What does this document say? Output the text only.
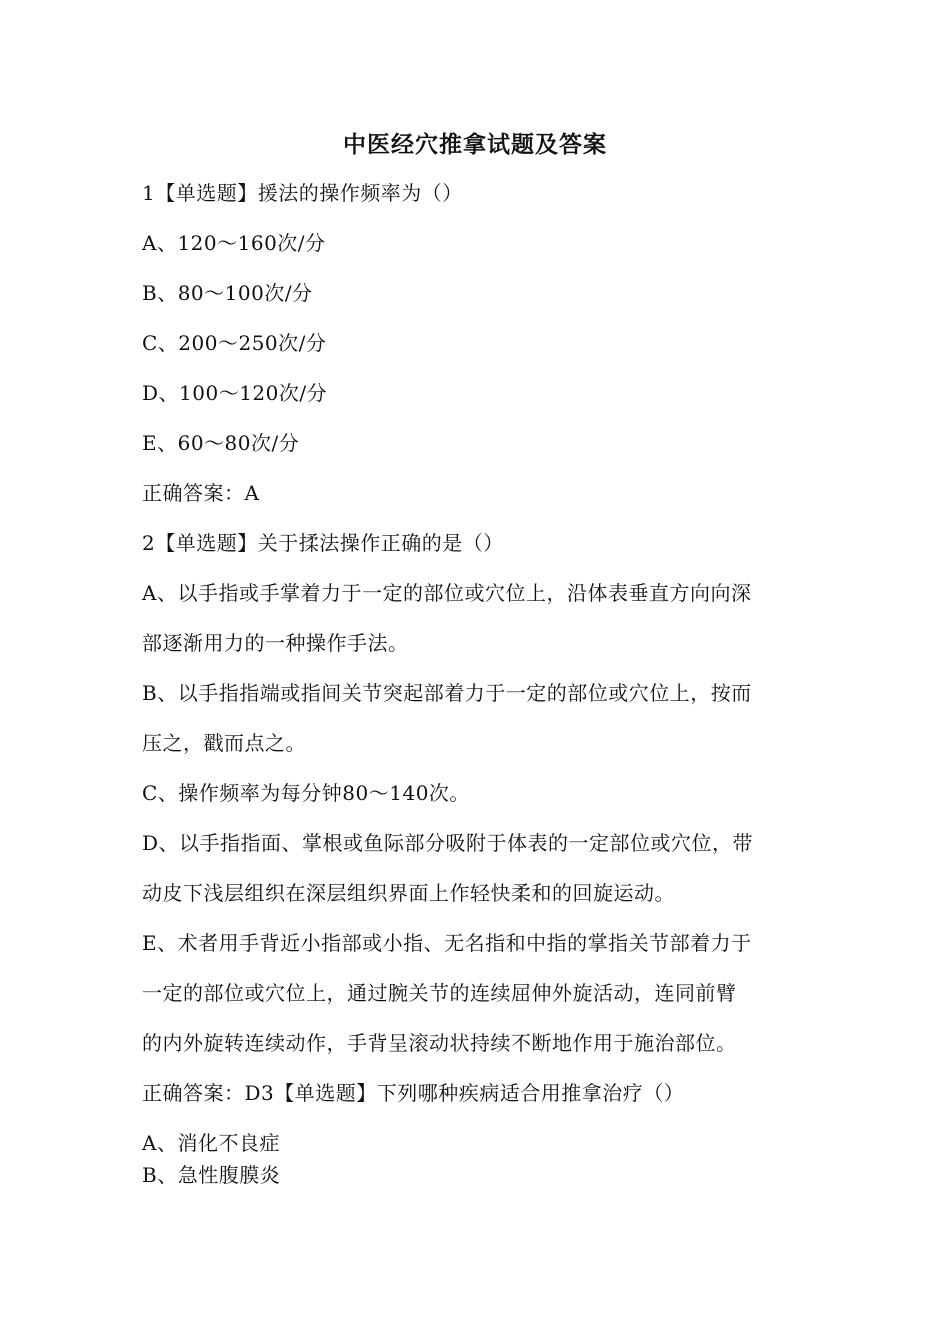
中医经穴推拿试题及答案
1【单选题】援法的操作频率为（）
A、120〜160次/分
B、80〜100次/分
C、200〜250次/分
D、100〜120次/分
E、60〜80次/分
正确答案：A
2【单选题】关于揉法操作正确的是（）
A、以手指或手掌着力于一定的部位或穴位上，沿体表垂直方向向深
部逐渐用力的一种操作手法。
B、以手指指端或指间关节突起部着力于一定的部位或穴位上，按而
压之，戳而点之。
C、操作频率为每分钟80〜140次。
D、以手指指面、掌根或鱼际部分吸附于体表的一定部位或穴位，带
动皮下浅层组织在深层组织界面上作轻快柔和的回旋运动。
E、术者用手背近小指部或小指、无名指和中指的掌指关节部着力于
一定的部位或穴位上，通过腕关节的连续屈伸外旋活动，连同前臂
的内外旋转连续动作，手背呈滚动状持续不断地作用于施治部位。
正确答案：D3【单选题】下列哪种疾病适合用推拿治疗（）
A、消化不良症
B、急性腹膜炎
